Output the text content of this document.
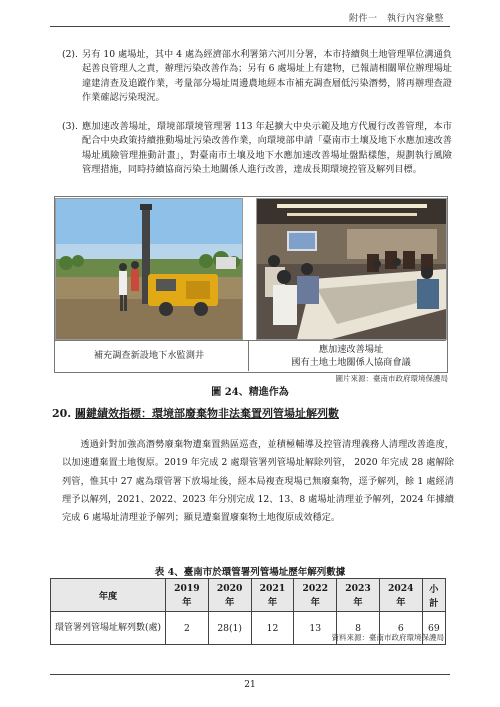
附件一　執行內容彙整
(2). 另有 10 處場址，其中 4 處為經濟部水利署第六河川分署，本市持續與土地管理單位溝通負起善良管理人之責，辦理污染改善作為；另有 6 處場址上有建物，已報請相關單位辦理場址違建清查及追蹤作業，考量部分場址周邊農地經本市補充調查層低污染潛勢，將再辦理查證作業確認污染現況。
(3). 應加速改善場址，環境部環境管理署 113 年起擴大中央示範及地方代履行改善管理，本市配合中央政策持續推動場址污染改善作業，向環境部申請「臺南市土壤及地下水應加速改善場址風險管理推動計畫」，對臺南市土壤及地下水應加速改善場址盤點樣態，規劃執行風險管理措施，同時持續協商污染土地關係人進行改善，達成長期環境控管及解列目標。
補充調查新設地下水監測井
應加速改善場址
國有土地土地關係人協商會議
圖片來源：臺南市政府環境保護局
圖 24、精進作為
20. 關鍵績效指標：環境部廢棄物非法棄置列管場址解列數
透過針對加強高潛勢廢棄物遭棄置熱區巡查，並積極輔導及控管清理義務人清理改善進度，以加速遭棄置土地復原。2019 年完成 2 處環管署列管場址解除列管， 2020 年完成 28 處解除列管，惟其中 27 處為環管署下放場址後，經本局複查現場已無廢棄物，逕予解列，餘 1 處經清理予以解列，2021、2022、2023 年分別完成 12、13、8 處場址清理並予解列，2024 年據續完成 6 處場址清理並予解列；顯見遭棄置廢棄物土地復原成效穩定。
表 4、臺南市於環管署列管場址歷年解列數據
年度	2019 年	2020 年	2021 年	2022 年	2023 年	2024 年	小計
環管署列管場址解列數(處)	2	28(1)	12	13	8	6	69
資料來源：臺南市政府環境保護局
21
